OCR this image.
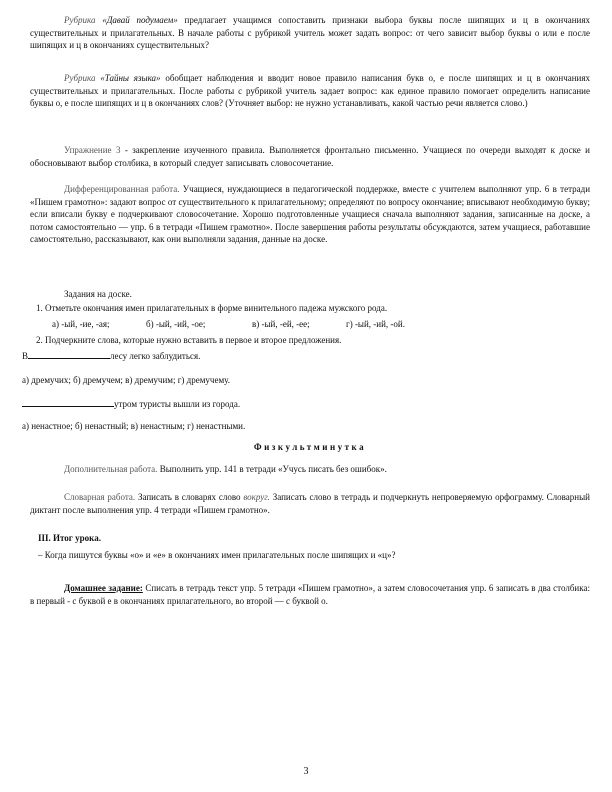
Рубрика «Давай подумаем» предлагает учащимся сопоставить признаки выбора буквы после шипящих и ц в окончаниях существительных и прилагательных. В начале работы с рубрикой учитель может задать вопрос: от чего зависит выбор буквы о или е после шипящих и ц в окончаниях существительных?

Рубрика «Тайны языка» обобщает наблюдения и вводит новое правило написания букв о, е после шипящих и ц в окончаниях существительных и прилагательных. После работы с рубрикой учитель задает вопрос: как единое правило помогает определить написание буквы о, е после шипящих и ц в окончаниях слов? (Уточняет выбор: не нужно устанавливать, какой частью речи является слово.)

Упражнение 3 - закрепление изученного правила. Выполняется фронтально письменно. Учащиеся по очереди выходят к доске и обосновывают выбор столбика, в который следует записывать словосочетание.

Дифференцированная работа. Учащиеся, нуждающиеся в педагогической поддержке, вместе с учителем выполняют упр. 6 в тетради «Пишем грамотно»: задают вопрос от существительного к прилагательному; определяют по вопросу окончание; вписывают необходимую букву; если вписали букву е подчеркивают словосочетание. Хорошо подготовленные учащиеся сначала выполняют задания, записанные на доске, а потом самостоятельно — упр. 6 в тетради «Пишем грамотно». После завершения работы результаты обсуждаются, затем учащиеся, работавшие самостоятельно, рассказывают, как они выполняли задания, данные на доске.

Задания на доске.

1. Отметьте окончания имен прилагательных в форме винительного падежа мужского рода.

а) -ый, -ие, -ая;	б) -ый, -ий, -ое;	в) -ый, -ей, -ее;	г) -ый, -ий, -ой.

2. Подчеркните слова, которые нужно вставить в первое и второе предложения.

В	лесу легко заблудиться.

а) дремучих; б) дремучем; в) дремучим; г) дремучему.

утром туристы вышли из города.

а) ненастное; б) ненастный; в) ненастным; г) ненастными.

Физкультминутка

Дополнительная работа. Выполнить упр. 141 в тетради «Учусь писать без ошибок».

Словарная работа. Записать в словарях слово вокруг. Записать слово в тетрадь и подчеркнуть непроверяемую орфограмму. Словарный диктант после выполнения упр. 4 тетради «Пишем грамотно».

III. Итог урока.

– Когда пишутся буквы «о» и «е» в окончаниях имен прилагательных после шипящих и «ц»?

Домашнее задание: Списать в тетрадь текст упр. 5 тетради «Пишем грамотно», а затем словосочетания упр. 6 записать в два столбика: в первый - с буквой е в окончаниях прилагательного, во второй — с буквой о.

3
